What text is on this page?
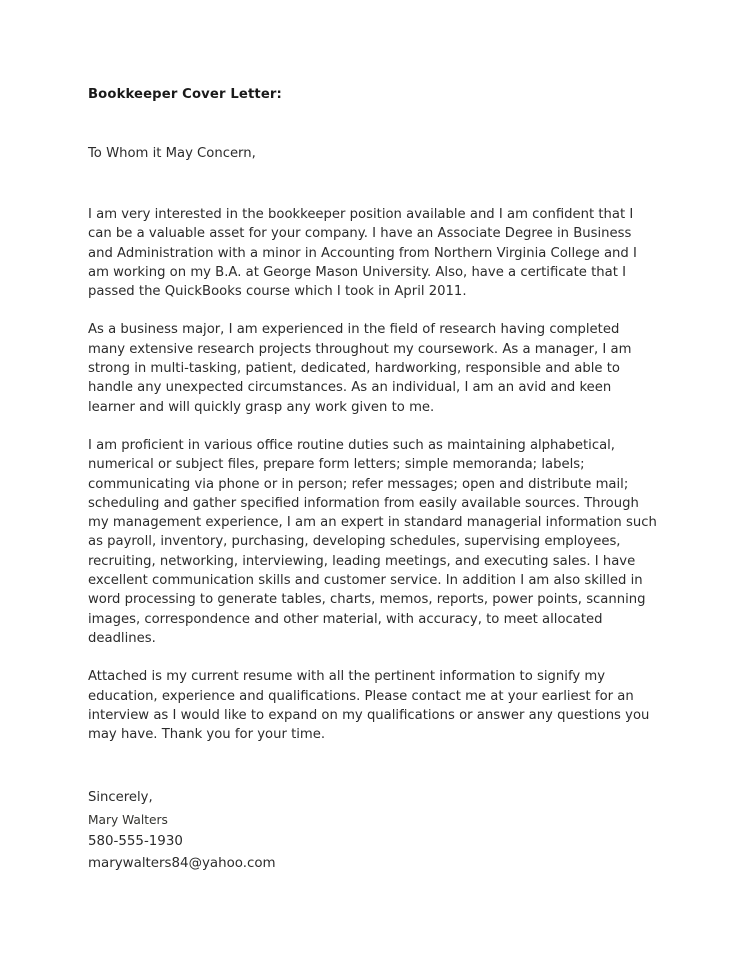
Bookkeeper Cover Letter:

To Whom it May Concern,

I am very interested in the bookkeeper position available and I am confident that I can be a valuable asset for your company. I have an Associate Degree in Business and Administration with a minor in Accounting from Northern Virginia College and I am working on my B.A. at George Mason University. Also, have a certificate that I passed the QuickBooks course which I took in April 2011.

As a business major, I am experienced in the field of research having completed many extensive research projects throughout my coursework. As a manager, I am strong in multi-tasking, patient, dedicated, hardworking, responsible and able to handle any unexpected circumstances. As an individual, I am an avid and keen learner and will quickly grasp any work given to me.

I am proficient in various office routine duties such as maintaining alphabetical, numerical or subject files, prepare form letters; simple memoranda; labels; communicating via phone or in person; refer messages; open and distribute mail; scheduling and gather specified information from easily available sources. Through my management experience, I am an expert in standard managerial information such as payroll, inventory, purchasing, developing schedules, supervising employees, recruiting, networking, interviewing, leading meetings, and executing sales. I have excellent communication skills and customer service. In addition I am also skilled in word processing to generate tables, charts, memos, reports, power points, scanning images, correspondence and other material, with accuracy, to meet allocated deadlines.

Attached is my current resume with all the pertinent information to signify my education, experience and qualifications. Please contact me at your earliest for an interview as I would like to expand on my qualifications or answer any questions you may have. Thank you for your time.

Sincerely,

Mary Walters

580-555-1930

marywalters84@yahoo.com
